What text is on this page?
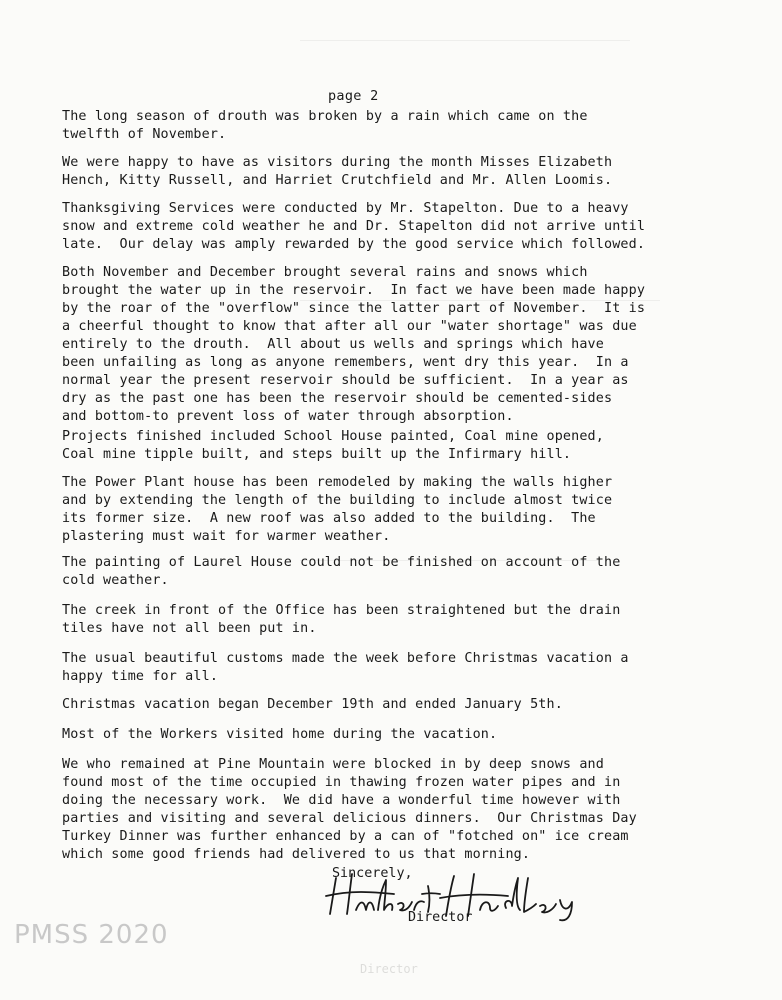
page 2

The long season of drouth was broken by a rain which came on the
twelfth of November.

We were happy to have as visitors during the month Misses Elizabeth
Hench, Kitty Russell, and Harriet Crutchfield and Mr. Allen Loomis.

Thanksgiving Services were conducted by Mr. Stapelton. Due to a heavy
snow and extreme cold weather he and Dr. Stapelton did not arrive until
late.  Our delay was amply rewarded by the good service which followed.

Both November and December brought several rains and snows which
brought the water up in the reservoir.  In fact we have been made happy
by the roar of the "overflow" since the latter part of November.  It is
a cheerful thought to know that after all our "water shortage" was due
entirely to the drouth.  All about us wells and springs which have
been unfailing as long as anyone remembers, went dry this year.  In a
normal year the present reservoir should be sufficient.  In a year as
dry as the past one has been the reservoir should be cemented-sides
and bottom-to prevent loss of water through absorption.

Projects finished included School House painted, Coal mine opened,
Coal mine tipple built, and steps built up the Infirmary hill.

The Power Plant house has been remodeled by making the walls higher
and by extending the length of the building to include almost twice
its former size.  A new roof was also added to the building.  The
plastering must wait for warmer weather.

The painting of Laurel House could not be finished on account of the
cold weather.

The creek in front of the Office has been straightened but the drain
tiles have not all been put in.

The usual beautiful customs made the week before Christmas vacation a
happy time for all.

Christmas vacation began December 19th and ended January 5th.

Most of the Workers visited home during the vacation.

We who remained at Pine Mountain were blocked in by deep snows and
found most of the time occupied in thawing frozen water pipes and in
doing the necessary work.  We did have a wonderful time however with
parties and visiting and several delicious dinners.  Our Christmas Day
Turkey Dinner was further enhanced by a can of "fotched on" ice cream
which some good friends had delivered to us that morning.

Sincerely,
Director
PMSS 2020
Director
